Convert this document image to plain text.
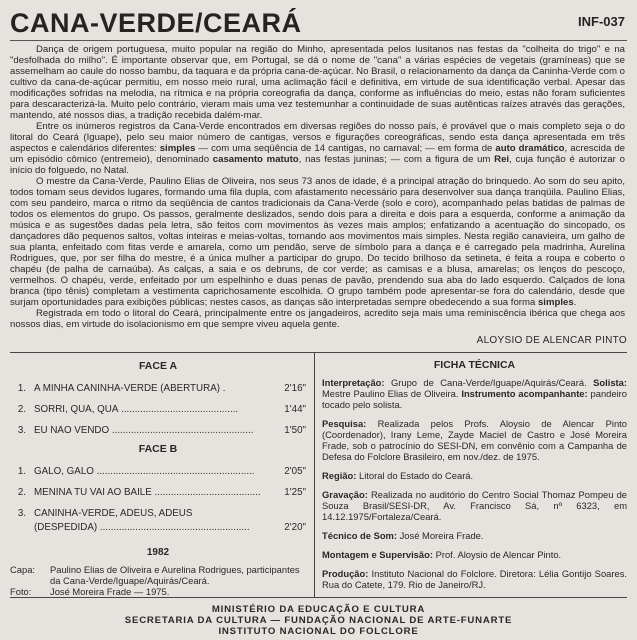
CANA-VERDE/CEARÁ	INF-037

Dança de origem portuguesa, muito popular na região do Minho, apresentada pelos lusitanos nas festas da "colheita do trigo" e na "desfolhada do milho". É importante observar que, em Portugal, se dá o nome de "cana" a várias espécies de vegetais (gramíneas) que se assemelham ao caule do nosso bambu, da taquara e da própria cana-de-açúcar. No Brasil, o relacionamento da dança da Caninha-Verde com o cultivo da cana-de-açúcar permitiu, em nosso meio rural, uma aclimação fácil e definitiva, em virtude de sua identificação verbal. Apesar das modificações sofridas na melodia, na rítmica e na própria coreografia da dança, conforme as influências do meio, estas não foram suficientes para descaracterizá-la. Muito pelo contrário, vieram mais uma vez testemunhar a continuidade de suas autênticas raízes através das gerações, mantendo, até nossos dias, a tradição recebida dalém-mar.

Entre os inúmeros registros da Cana-Verde encontrados em diversas regiões do nosso país, é provável que o mais completo seja o do litoral do Ceará (Iguape), pelo seu maior número de cantigas, versos e figurações coreográficas, sendo esta dança apresentada em três aspectos e calendários diferentes: simples — com uma seqüência de 14 cantigas, no carnaval; — em forma de auto dramático, acrescida de um episódio cômico (entremeio), denominado casamento matuto, nas festas juninas; — com a figura de um Rei, cuja função é autorizar o início do folguedo, no Natal.

O mestre da Cana-Verde, Paulino Elias de Oliveira, nos seus 73 anos de idade, é a principal atração do brinquedo. Ao som do seu apito, todos tomam seus devidos lugares, formando uma fila dupla, com afastamento necessário para desenvolver sua dança tranqüila. Paulino Elias, com seu pandeiro, marca o ritmo da seqüência de cantos tradicionais da Cana-Verde (solo e coro), acompanhado pelas batidas de palmas de todos os elementos do grupo. Os passos, geralmente deslizados, sendo dois para a direita e dois para a esquerda, conforme a animação da música e as sugestões dadas pela letra, são feitos com movimentos às vezes mais amplos; enfatizando a acentuação do sincopado, os dançadores dão pequenos saltos, voltas inteiras e meias-voltas, tornando aos movimentos mais simples. Nesta região canavieira, um galho de sua planta, enfeitado com fitas verde e amarela, como um pendão, serve de símbolo para a dança e é carregado pela madrinha, Aurelina Rodrigues, que, por ser filha do mestre, é a única mulher a participar do grupo. Do tecido brilhoso da setineta, é feita a roupa e coberto o chapéu (de palha de carnaúba). As calças, a saia e os debruns, de cor verde; as camisas e a blusa, amarelas; os lenços do pescoço, vermelhos. O chapéu, verde, enfeitado por um espelhinho e duas penas de pavão, prendendo sua aba do lado esquerdo. Calçados de lona branca (tipo tênis) completam a vestimenta caprichosamente escolhida. O grupo também pode apresentar-se fora do calendário, desde que surjam oportunidades para exibições públicas; nestes casos, as danças são interpretadas sempre obedecendo a sua forma simples.

Registrada em todo o litoral do Ceará, principalmente entre os jangadeiros, acredito seja mais uma reminiscência ibérica que chega aos nossos dias, em virtude do isolacionismo em que sempre viveu aquela gente.

ALOYSIO DE ALENCAR PINTO
FACE A
1. A MINHA CANINHA-VERDE (ABERTURA) .	2'16"
2. SORRI, QUÁ, QUÁ ...........................................	1'44"
3. EU NÃO VENDO ....................................................	1'50"
FACE B
1. GALO, GALO ..........................................................	2'05"
2. MENINA TU VAI AO BAILE .......................................	1'25"
3. CANINHA-VERDE, ADEUS, ADEUS
(DESPEDIDA) .......................................................	2'20"
1982
Capa:	Paulino Elias de Oliveira e Aurelina Rodrigues, participantes da Cana-Verde/Iguape/Aquirás/Ceará.
Foto:	José Moreira Frade — 1975.
FICHA TÉCNICA
Interpretação: Grupo de Cana-Verde/Iguape/Aquirás/Ceará. Solista: Mestre Paulino Elias de Oliveira. Instrumento acompanhante: pandeiro tocado pelo solista.
Pesquisa: Realizada pelos Profs. Aloysio de Alencar Pinto (Coordenador), Irany Leme, Zayde Maciel de Castro e José Moreira Frade, sob o patrocínio do SESI-DN, em convênio com a Campanha de Defesa do Folclore Brasileiro, em nov./dez. de 1975.
Região: Litoral do Estado do Ceará.
Gravação: Realizada no auditório do Centro Social Thomaz Pompeu de Souza Brasil/SESI-DR, Av. Francisco Sá, nº 6323, em 14.12.1975/Fortaleza/Ceará.
Técnico de Som: José Moreira Frade.
Montagem e Supervisão: Prof. Aloysio de Alencar Pinto.
Produção: Instituto Nacional do Folclore. Diretora: Lélia Gontijo Soares. Rua do Catete, 179. Rio de Janeiro/RJ.
MINISTÉRIO DA EDUCAÇÃO E CULTURA
SECRETARIA DA CULTURA — FUNDAÇÃO NACIONAL DE ARTE-FUNARTE
INSTITUTO NACIONAL DO FOLCLORE
